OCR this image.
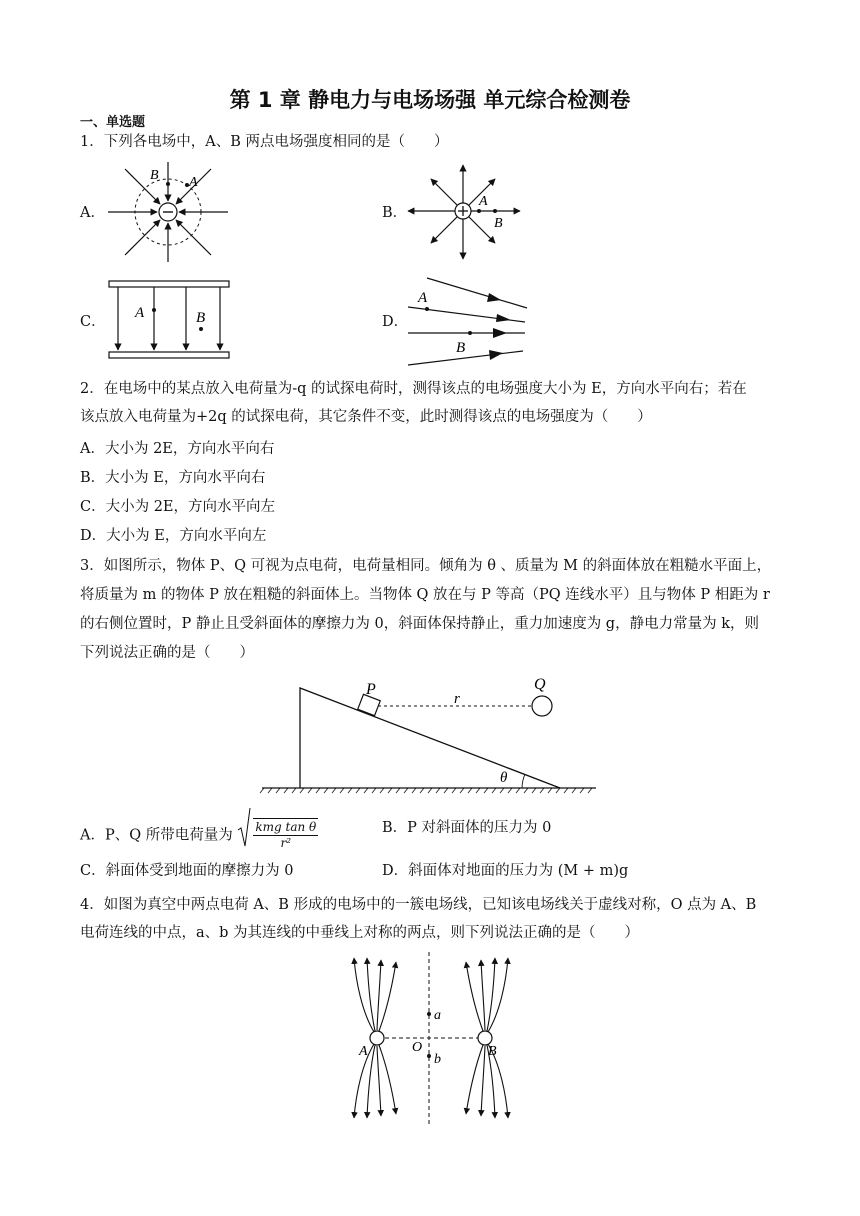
第 1 章 静电力与电场场强 单元综合检测卷
一、单选题
1．下列各电场中，A、B 两点电场强度相同的是（　　）
A．
B A
B．
A
B
C．
A	B	D．
A
B
2．在电场中的某点放入电荷量为-q 的试探电荷时，测得该点的电场强度大小为 E，方向水平向右；若在
该点放入电荷量为+2q 的试探电荷，其它条件不变，此时测得该点的电场强度为（　　）
A．大小为 2E，方向水平向右
B．大小为 E，方向水平向右
C．大小为 2E，方向水平向左
D．大小为 E，方向水平向左
3．如图所示，物体 P、Q 可视为点电荷，电荷量相同。倾角为 θ 、质量为 M 的斜面体放在粗糙水平面上，
将质量为 m 的物体 P 放在粗糙的斜面体上。当物体 Q 放在与 P 等高（PQ 连线水平）且与物体 P 相距为 r
的右侧位置时，P 静止且受斜面体的摩擦力为 0，斜面体保持静止，重力加速度为 g，静电力常量为 k，则
下列说法正确的是（　　）
P	Q
r
θ
A．P、Q 所带电荷量为
kmg tan θ
r²
B．P 对斜面体的压力为 0
C．斜面体受到地面的摩擦力为 0	D．斜面体对地面的压力为 (M + m)g
4．如图为真空中两点电荷 A、B 形成的电场中的一簇电场线，已知该电场线关于虚线对称，O 点为 A、B
电荷连线的中点，a、b 为其连线的中垂线上对称的两点，则下列说法正确的是（　　）
a
b
O
A	B
